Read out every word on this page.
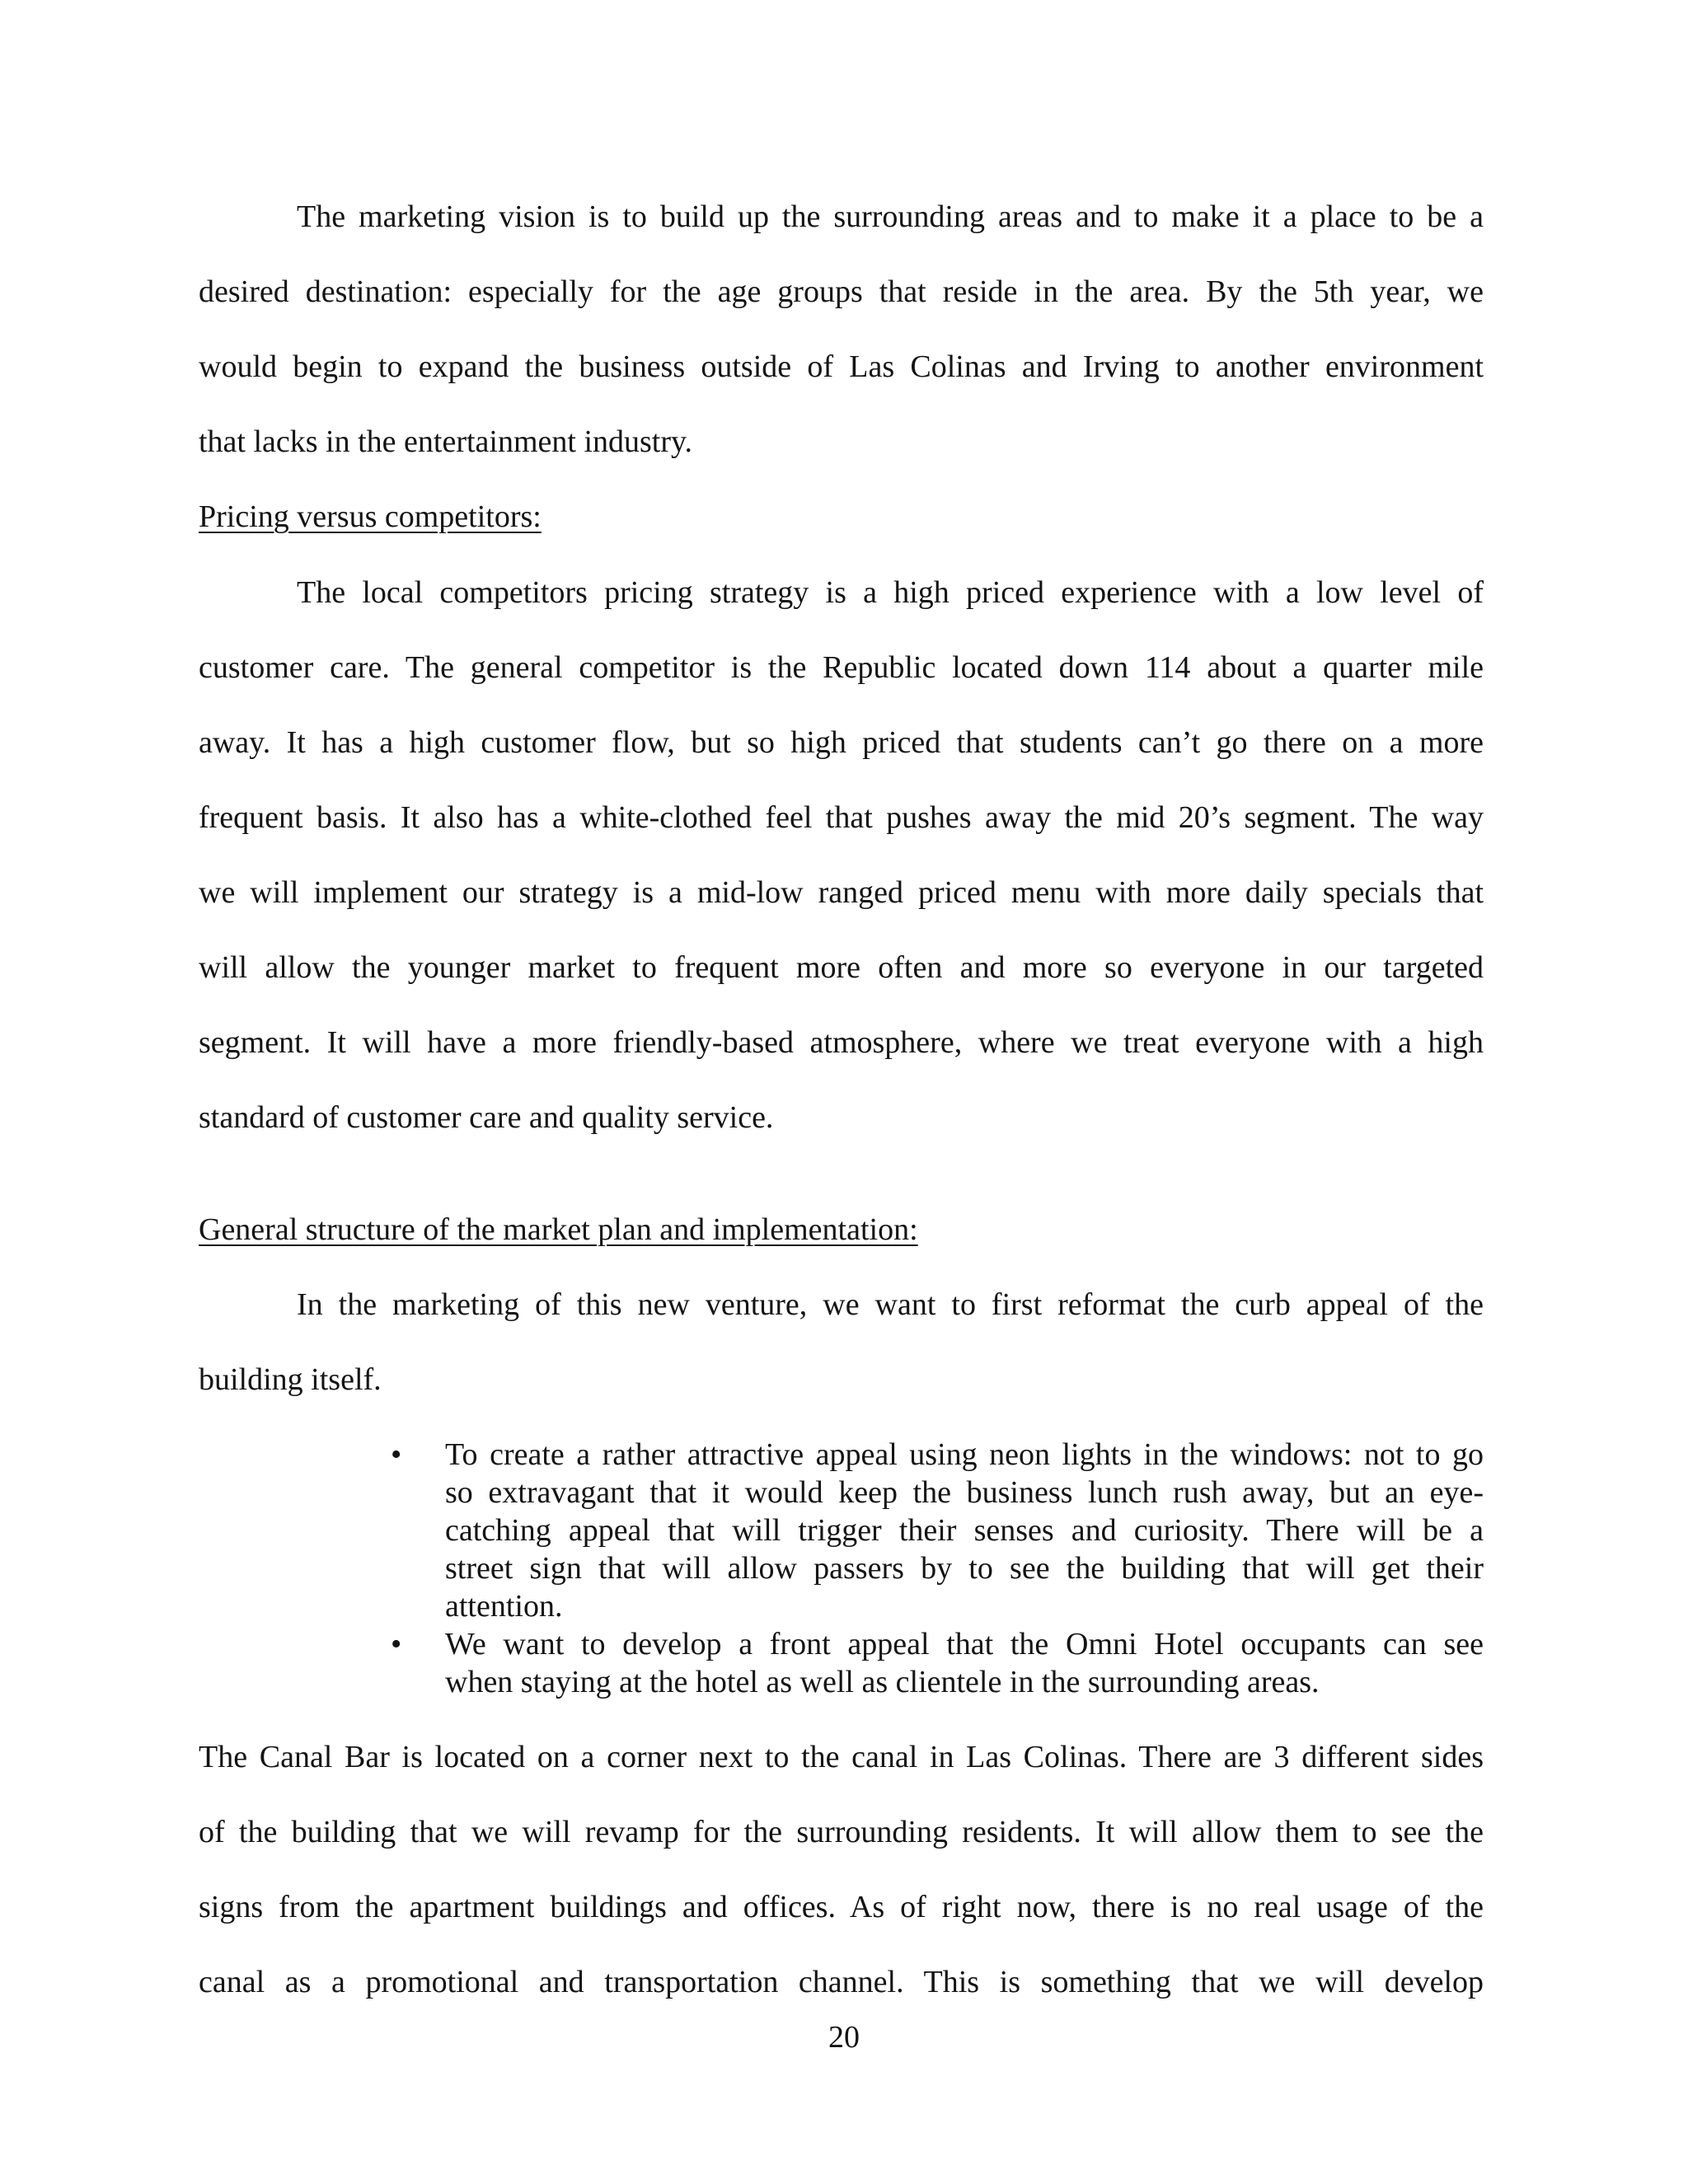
The marketing vision is to build up the surrounding areas and to make it a place to be a
desired destination: especially for the age groups that reside in the area. By the 5th year, we
would begin to expand the business outside of Las Colinas and Irving to another environment
that lacks in the entertainment industry.
Pricing versus competitors:
The local competitors pricing strategy is a high priced experience with a low level of
customer care. The general competitor is the Republic located down 114 about a quarter mile
away. It has a high customer flow, but so high priced that students can’t go there on a more
frequent basis. It also has a white-clothed feel that pushes away the mid 20’s segment. The way
we will implement our strategy is a mid-low ranged priced menu with more daily specials that
will allow the younger market to frequent more often and more so everyone in our targeted
segment. It will have a more friendly-based atmosphere, where we treat everyone with a high
standard of customer care and quality service.
General structure of the market plan and implementation:
In the marketing of this new venture, we want to first reformat the curb appeal of the
building itself.
• To create a rather attractive appeal using neon lights in the windows: not to go
so extravagant that it would keep the business lunch rush away, but an eye-
catching appeal that will trigger their senses and curiosity. There will be a
street sign that will allow passers by to see the building that will get their
attention.
• We want to develop a front appeal that the Omni Hotel occupants can see
when staying at the hotel as well as clientele in the surrounding areas.
The Canal Bar is located on a corner next to the canal in Las Colinas. There are 3 different sides
of the building that we will revamp for the surrounding residents. It will allow them to see the
signs from the apartment buildings and offices. As of right now, there is no real usage of the
canal as a promotional and transportation channel. This is something that we will develop
20
